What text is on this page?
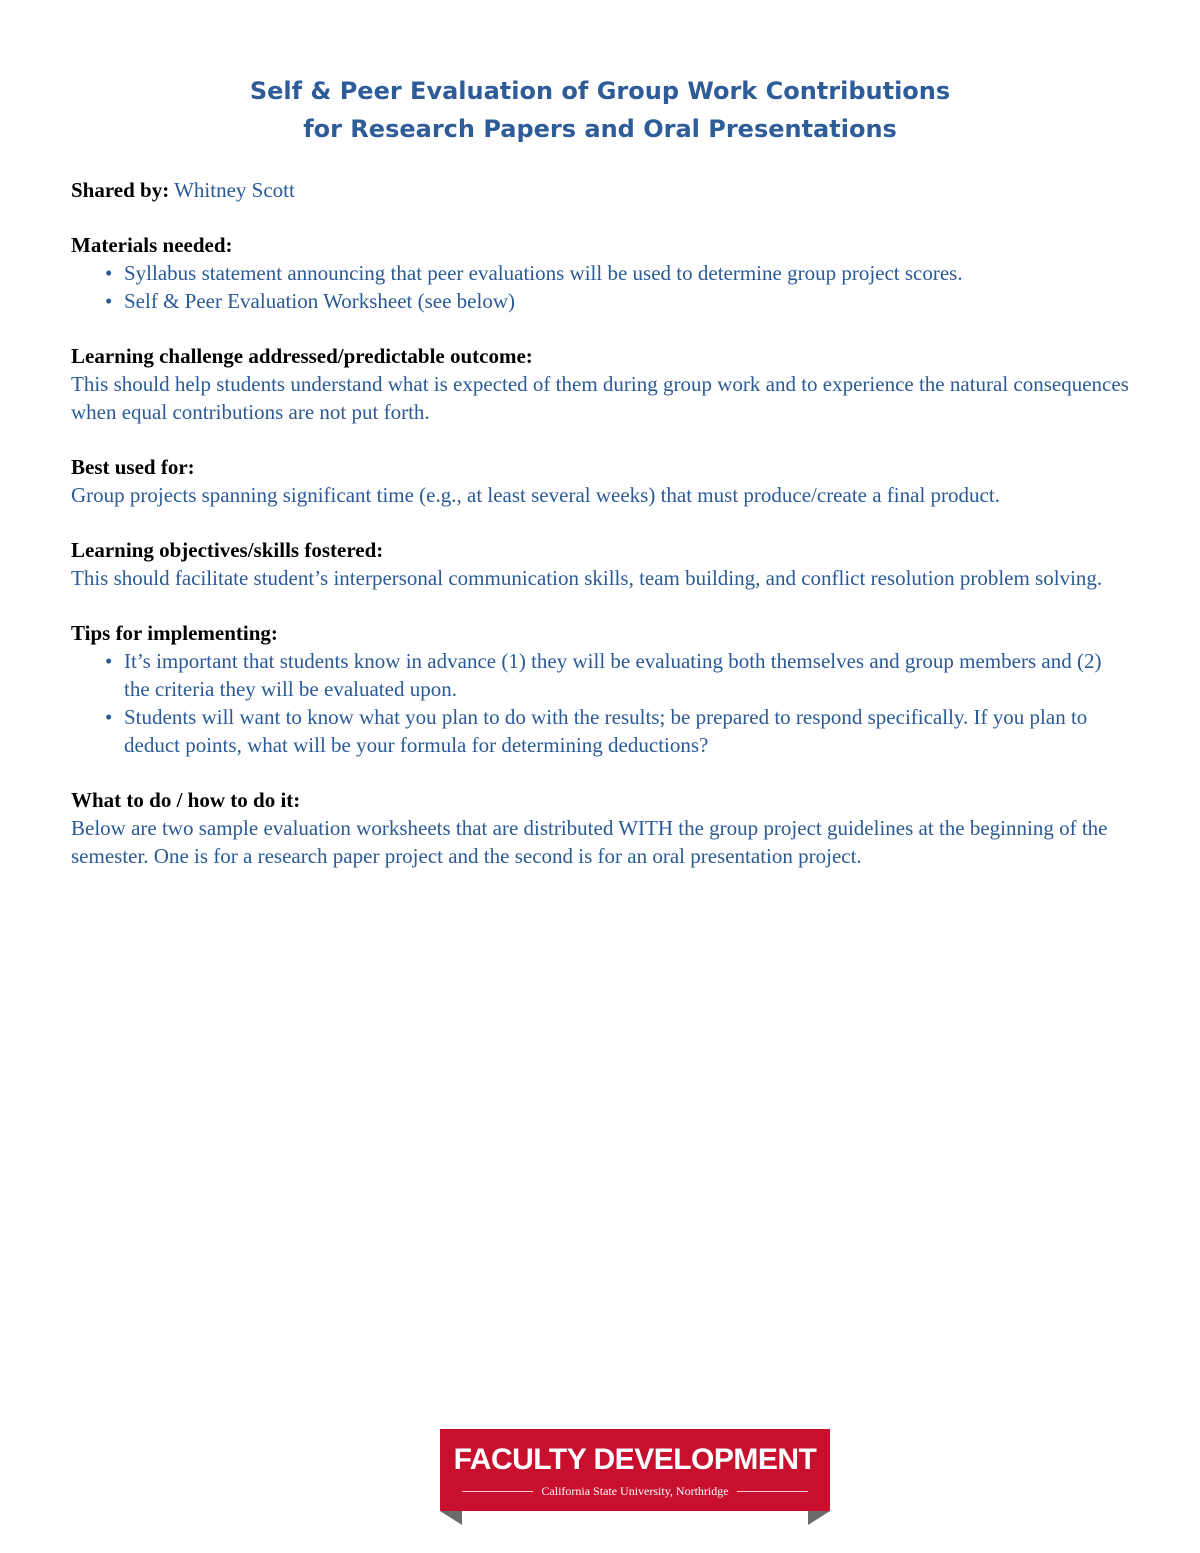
Self & Peer Evaluation of Group Work Contributions
for Research Papers and Oral Presentations
Shared by: Whitney Scott
Materials needed:
• Syllabus statement announcing that peer evaluations will be used to determine group project scores.
• Self & Peer Evaluation Worksheet (see below)
Learning challenge addressed/predictable outcome:
This should help students understand what is expected of them during group work and to experience the natural consequences when equal contributions are not put forth.
Best used for:
Group projects spanning significant time (e.g., at least several weeks) that must produce/create a final product.
Learning objectives/skills fostered:
This should facilitate student’s interpersonal communication skills, team building, and conflict resolution problem solving.
Tips for implementing:
• It’s important that students know in advance (1) they will be evaluating both themselves and group members and (2) the criteria they will be evaluated upon.
• Students will want to know what you plan to do with the results; be prepared to respond specifically. If you plan to deduct points, what will be your formula for determining deductions?
What to do / how to do it:
Below are two sample evaluation worksheets that are distributed WITH the group project guidelines at the beginning of the semester. One is for a research paper project and the second is for an oral presentation project.
FACULTY DEVELOPMENT
California State University, Northridge
